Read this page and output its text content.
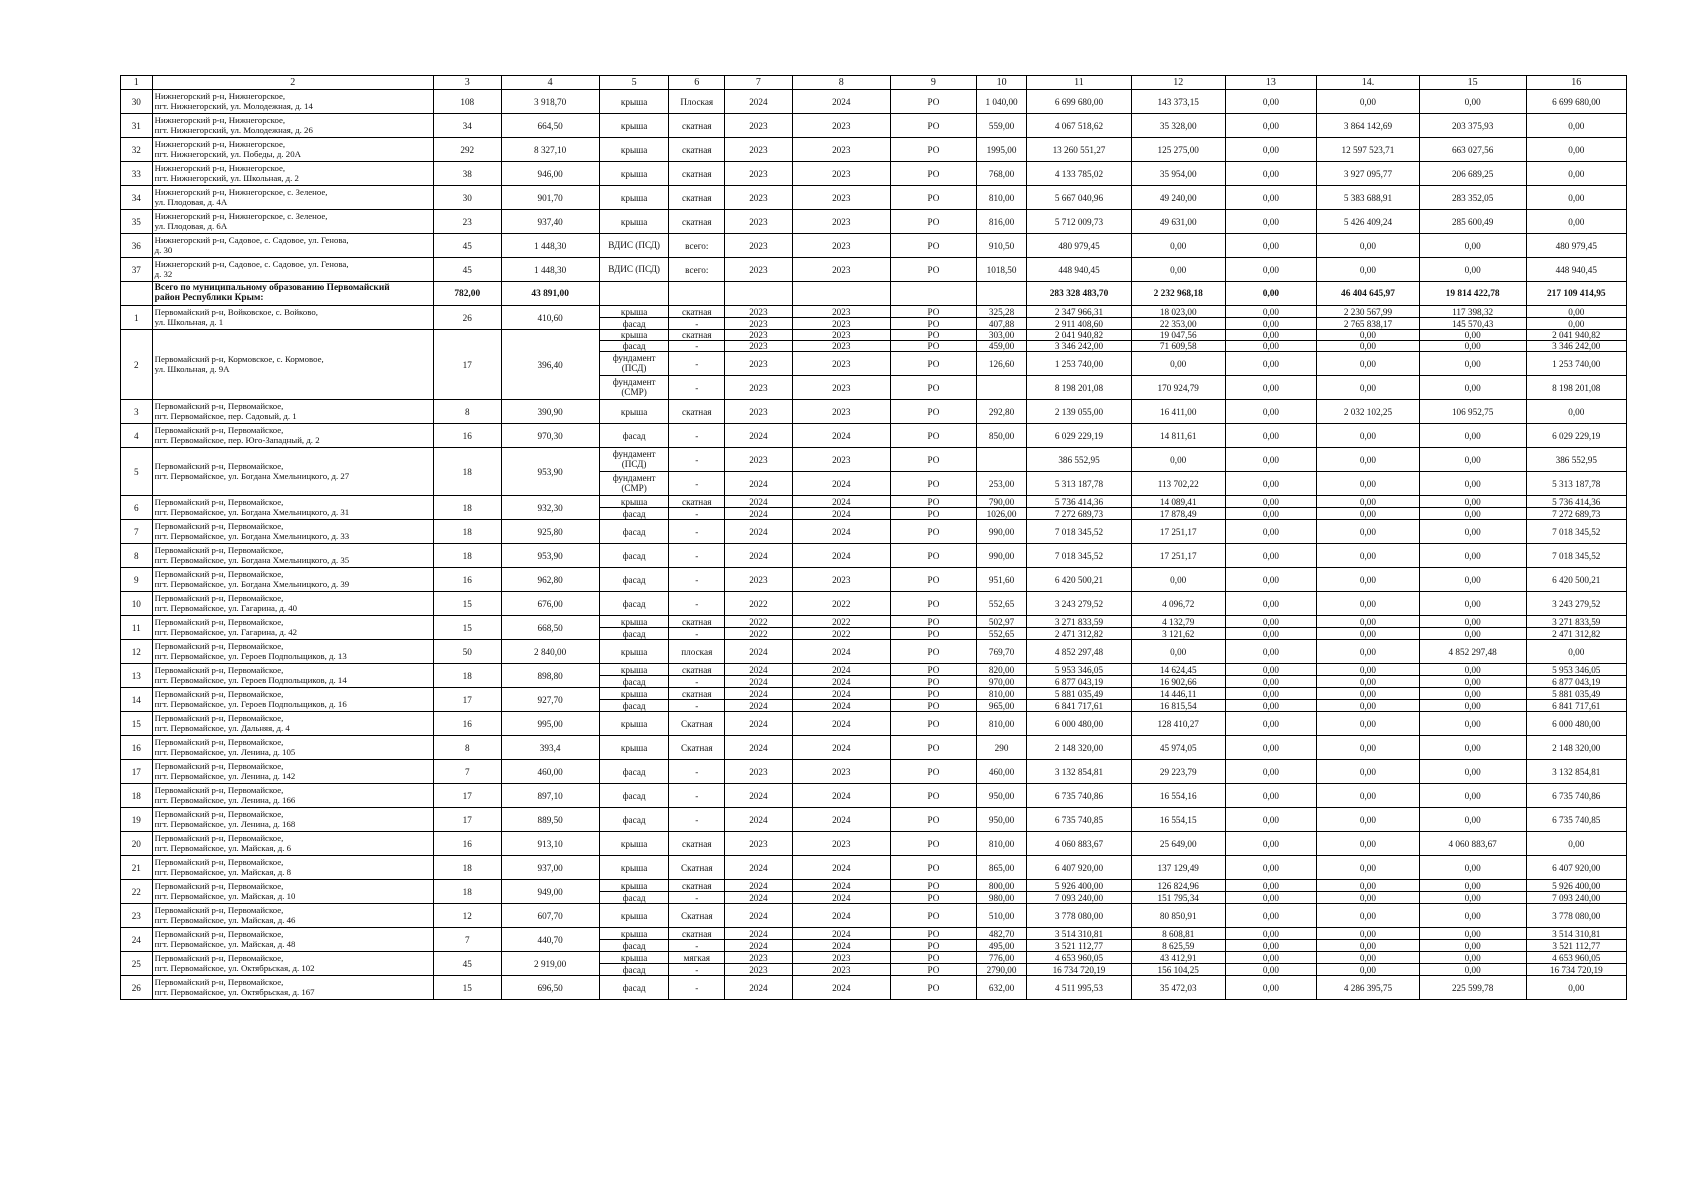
1	2	3	4	5	6	7	8	9	10	11	12	13	14.	15	16
30	Нижнегорский р-н, Нижнегорское,
пгт. Нижнегорский, ул. Молодежная, д. 14	108	3 918,70	крыша	Плоская	2024	2024	РО	1 040,00	6 699 680,00	143 373,15	0,00	0,00	0,00	6 699 680,00
31	Нижнегорский р-н, Нижнегорское,
пгт. Нижнегорский, ул. Молодежная, д. 26	34	664,50	крыша	скатная	2023	2023	РО	559,00	4 067 518,62	35 328,00	0,00	3 864 142,69	203 375,93	0,00
32	Нижнегорский р-н, Нижнегорское,
пгт. Нижнегорский, ул. Победы, д. 20А	292	8 327,10	крыша	скатная	2023	2023	РО	1995,00	13 260 551,27	125 275,00	0,00	12 597 523,71	663 027,56	0,00
33	Нижнегорский р-н, Нижнегорское,
пгт. Нижнегорский, ул. Школьная, д. 2	38	946,00	крыша	скатная	2023	2023	РО	768,00	4 133 785,02	35 954,00	0,00	3 927 095,77	206 689,25	0,00
34	Нижнегорский р-н, Нижнегорское, с. Зеленое,
ул. Плодовая, д. 4А	30	901,70	крыша	скатная	2023	2023	РО	810,00	5 667 040,96	49 240,00	0,00	5 383 688,91	283 352,05	0,00
35	Нижнегорский р-н, Нижнегорское, с. Зеленое,
ул. Плодовая, д. 6А	23	937,40	крыша	скатная	2023	2023	РО	816,00	5 712 009,73	49 631,00	0,00	5 426 409,24	285 600,49	0,00
36	Нижнегорский р-н, Садовое, с. Садовое, ул. Генова,
д. 30	45	1 448,30	ВДИС (ПСД)	всего:	2023	2023	РО	910,50	480 979,45	0,00	0,00	0,00	0,00	480 979,45
37	Нижнегорский р-н, Садовое, с. Садовое, ул. Генова,
д. 32	45	1 448,30	ВДИС (ПСД)	всего:	2023	2023	РО	1018,50	448 940,45	0,00	0,00	0,00	0,00	448 940,45
	Всего по муниципальному образованию Первомайский
район Республики Крым:	782,00	43 891,00							283 328 483,70	2 232 968,18	0,00	46 404 645,97	19 814 422,78	217 109 414,95
1	Первомайский р-н, Войковское, с. Войково,
ул. Школьная, д. 1	26	410,60	крыша	скатная	2023	2023	РО	325,28	2 347 966,31	18 023,00	0,00	2 230 567,99	117 398,32	0,00
				фасад	-	2023	2023	РО	407,88	2 911 408,60	22 353,00	0,00	2 765 838,17	145 570,43	0,00
2	Первомайский р-н, Кормовское, с. Кормовое,
ул. Школьная, д. 9А	17	396,40	крыша	скатная	2023	2023	РО	303,00	2 041 940,82	19 047,56	0,00	0,00	0,00	2 041 940,82
				фасад	-	2023	2023	РО	459,00	3 346 242,00	71 609,58	0,00	0,00	0,00	3 346 242,00
				фундамент (ПСД)	-	2023	2023	РО	126,60	1 253 740,00	0,00	0,00	0,00	0,00	1 253 740,00
				фундамент (СМР)	-	2023	2023	РО		8 198 201,08	170 924,79	0,00	0,00	0,00	8 198 201,08
3	Первомайский р-н, Первомайское,
пгт. Первомайское, пер. Садовый, д. 1	8	390,90	крыша	скатная	2023	2023	РО	292,80	2 139 055,00	16 411,00	0,00	2 032 102,25	106 952,75	0,00
4	Первомайский р-н, Первомайское,
пгт. Первомайское, пер. Юго-Западный, д. 2	16	970,30	фасад	-	2024	2024	РО	850,00	6 029 229,19	14 811,61	0,00	0,00	0,00	6 029 229,19
5	Первомайский р-н, Первомайское,
пгт. Первомайское, ул. Богдана Хмельницкого, д. 27	18	953,90	фундамент (ПСД)	-	2023	2023	РО		386 552,95	0,00	0,00	0,00	0,00	386 552,95
				фундамент (СМР)	-	2024	2024	РО	253,00	5 313 187,78	113 702,22	0,00	0,00	0,00	5 313 187,78
6	Первомайский р-н, Первомайское,
пгт. Первомайское, ул. Богдана Хмельницкого, д. 31	18	932,30	крыша	скатная	2024	2024	РО	790,00	5 736 414,36	14 089,41	0,00	0,00	0,00	5 736 414,36
				фасад	-	2024	2024	РО	1026,00	7 272 689,73	17 878,49	0,00	0,00	0,00	7 272 689,73
7	Первомайский р-н, Первомайское,
пгт. Первомайское, ул. Богдана Хмельницкого, д. 33	18	925,80	фасад	-	2024	2024	РО	990,00	7 018 345,52	17 251,17	0,00	0,00	0,00	7 018 345,52
8	Первомайский р-н, Первомайское,
пгт. Первомайское, ул. Богдана Хмельницкого, д. 35	18	953,90	фасад	-	2024	2024	РО	990,00	7 018 345,52	17 251,17	0,00	0,00	0,00	7 018 345,52
9	Первомайский р-н, Первомайское,
пгт. Первомайское, ул. Богдана Хмельницкого, д. 39	16	962,80	фасад	-	2023	2023	РО	951,60	6 420 500,21	0,00	0,00	0,00	0,00	6 420 500,21
10	Первомайский р-н, Первомайское,
пгт. Первомайское, ул. Гагарина, д. 40	15	676,00	фасад	-	2022	2022	РО	552,65	3 243 279,52	4 096,72	0,00	0,00	0,00	3 243 279,52
11	Первомайский р-н, Первомайское,
пгт. Первомайское, ул. Гагарина, д. 42	15	668,50	крыша	скатная	2022	2022	РО	502,97	3 271 833,59	4 132,79	0,00	0,00	0,00	3 271 833,59
				фасад	-	2022	2022	РО	552,65	2 471 312,82	3 121,62	0,00	0,00	0,00	2 471 312,82
12	Первомайский р-н, Первомайское,
пгт. Первомайское, ул. Героев Подпольщиков, д. 13	50	2 840,00	крыша	плоская	2024	2024	РО	769,70	4 852 297,48	0,00	0,00	0,00	4 852 297,48	0,00
13	Первомайский р-н, Первомайское,
пгт. Первомайское, ул. Героев Подпольщиков, д. 14	18	898,80	крыша	скатная	2024	2024	РО	820,00	5 953 346,05	14 624,45	0,00	0,00	0,00	5 953 346,05
				фасад	-	2024	2024	РО	970,00	6 877 043,19	16 902,66	0,00	0,00	0,00	6 877 043,19
14	Первомайский р-н, Первомайское,
пгт. Первомайское, ул. Героев Подпольщиков, д. 16	17	927,70	крыша	скатная	2024	2024	РО	810,00	5 881 035,49	14 446,11	0,00	0,00	0,00	5 881 035,49
				фасад	-	2024	2024	РО	965,00	6 841 717,61	16 815,54	0,00	0,00	0,00	6 841 717,61
15	Первомайский р-н, Первомайское,
пгт. Первомайское, ул. Дальняя, д. 4	16	995,00	крыша	Скатная	2024	2024	РО	810,00	6 000 480,00	128 410,27	0,00	0,00	0,00	6 000 480,00
16	Первомайский р-н, Первомайское,
пгт. Первомайское, ул. Ленина, д. 105	8	393,4	крыша	Скатная	2024	2024	РО	290	2 148 320,00	45 974,05	0,00	0,00	0,00	2 148 320,00
17	Первомайский р-н, Первомайское,
пгт. Первомайское, ул. Ленина, д. 142	7	460,00	фасад	-	2023	2023	РО	460,00	3 132 854,81	29 223,79	0,00	0,00	0,00	3 132 854,81
18	Первомайский р-н, Первомайское,
пгт. Первомайское, ул. Ленина, д. 166	17	897,10	фасад	-	2024	2024	РО	950,00	6 735 740,86	16 554,16	0,00	0,00	0,00	6 735 740,86
19	Первомайский р-н, Первомайское,
пгт. Первомайское, ул. Ленина, д. 168	17	889,50	фасад	-	2024	2024	РО	950,00	6 735 740,85	16 554,15	0,00	0,00	0,00	6 735 740,85
20	Первомайский р-н, Первомайское,
пгт. Первомайское, ул. Майская, д. 6	16	913,10	крыша	скатная	2023	2023	РО	810,00	4 060 883,67	25 649,00	0,00	0,00	4 060 883,67	0,00
21	Первомайский р-н, Первомайское,
пгт. Первомайское, ул. Майская, д. 8	18	937,00	крыша	Скатная	2024	2024	РО	865,00	6 407 920,00	137 129,49	0,00	0,00	0,00	6 407 920,00
22	Первомайский р-н, Первомайское,
пгт. Первомайское, ул. Майская, д. 10	18	949,00	крыша	скатная	2024	2024	РО	800,00	5 926 400,00	126 824,96	0,00	0,00	0,00	5 926 400,00
				фасад	-	2024	2024	РО	980,00	7 093 240,00	151 795,34	0,00	0,00	0,00	7 093 240,00
23	Первомайский р-н, Первомайское,
пгт. Первомайское, ул. Майская, д. 46	12	607,70	крыша	Скатная	2024	2024	РО	510,00	3 778 080,00	80 850,91	0,00	0,00	0,00	3 778 080,00
24	Первомайский р-н, Первомайское,
пгт. Первомайское, ул. Майская, д. 48	7	440,70	крыша	скатная	2024	2024	РО	482,70	3 514 310,81	8 608,81	0,00	0,00	0,00	3 514 310,81
				фасад	-	2024	2024	РО	495,00	3 521 112,77	8 625,59	0,00	0,00	0,00	3 521 112,77
25	Первомайский р-н, Первомайское,
пгт. Первомайское, ул. Октябрьская, д. 102	45	2 919,00	крыша	мягкая	2023	2023	РО	776,00	4 653 960,05	43 412,91	0,00	0,00	0,00	4 653 960,05
				фасад	-	2023	2023	РО	2790,00	16 734 720,19	156 104,25	0,00	0,00	0,00	16 734 720,19
26	Первомайский р-н, Первомайское,
пгт. Первомайское, ул. Октябрьская, д. 167	15	696,50	фасад	-	2024	2024	РО	632,00	4 511 995,53	35 472,03	0,00	4 286 395,75	225 599,78	0,00
